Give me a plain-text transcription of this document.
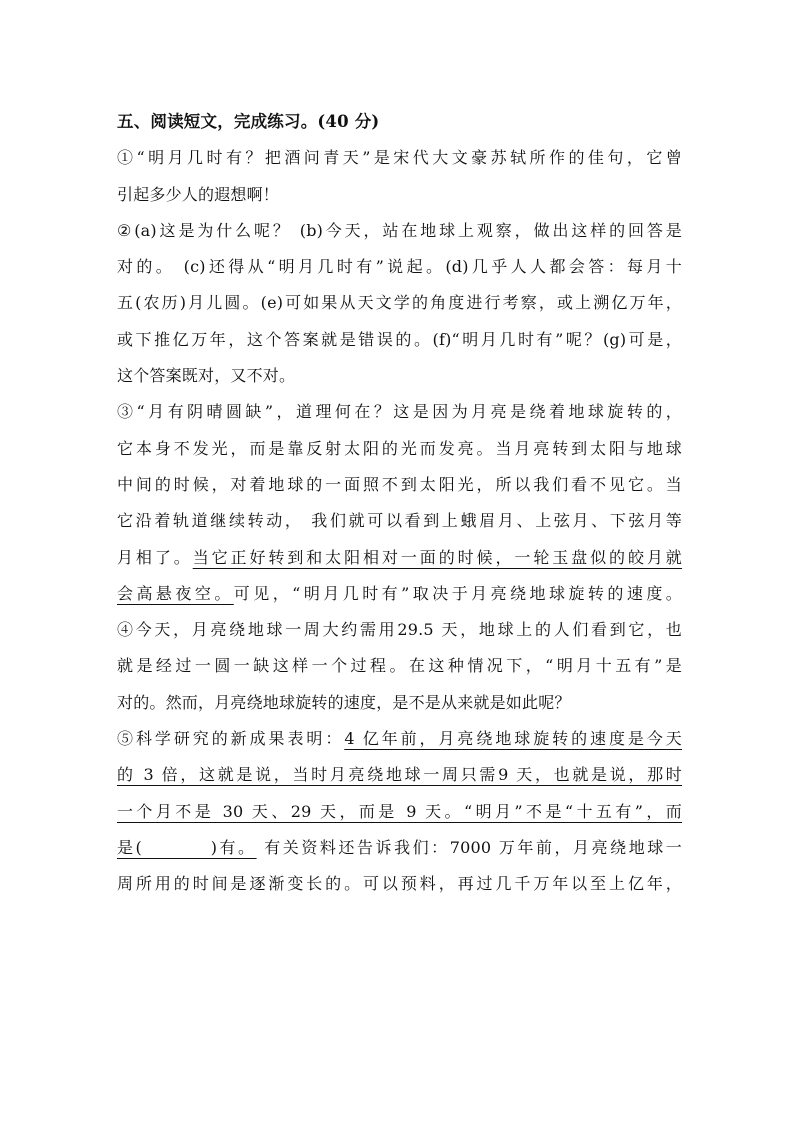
五、阅读短文，完成练习。(40 分)
①“明月几时有？把酒问青天”是宋代大文豪苏轼所作的佳句，它曾
引起多少人的遐想啊！
②(a)这是为什么呢？ (b)今天，站在地球上观察，做出这样的回答是
对的。 (c)还得从“明月几时有”说起。(d)几乎人人都会答：每月十
五(农历)月儿圆。(e)可如果从天文学的角度进行考察，或上溯亿万年，
或下推亿万年，这个答案就是错误的。(f)“明月几时有”呢？(g)可是，
这个答案既对，又不对。
③“月有阴晴圆缺”，道理何在？这是因为月亮是绕着地球旋转的，
它本身不发光，而是靠反射太阳的光而发亮。当月亮转到太阳与地球
中间的时候，对着地球的一面照不到太阳光，所以我们看不见它。当
它沿着轨道继续转动， 我们就可以看到上蛾眉月、上弦月、下弦月等
月相了。当它正好转到和太阳相对一面的时候，一轮玉盘似的皎月就
会高悬夜空。可见，“明月几时有”取决于月亮绕地球旋转的速度。
④今天，月亮绕地球一周大约需用29.5 天，地球上的人们看到它，也
就是经过一圆一缺这样一个过程。在这种情况下，“明月十五有”是
对的。然而，月亮绕地球旋转的速度，是不是从来就是如此呢？
⑤科学研究的新成果表明：4 亿年前，月亮绕地球旋转的速度是今天
的 3 倍，这就是说，当时月亮绕地球一周只需9 天，也就是说，那时
一个月不是 30 天、29 天，而是 9 天。“明月”不是“十五有”，而
是(         )有。 有关资料还告诉我们：7000 万年前，月亮绕地球一
周所用的时间是逐渐变长的。可以预料，再过几千万年以至上亿年，
